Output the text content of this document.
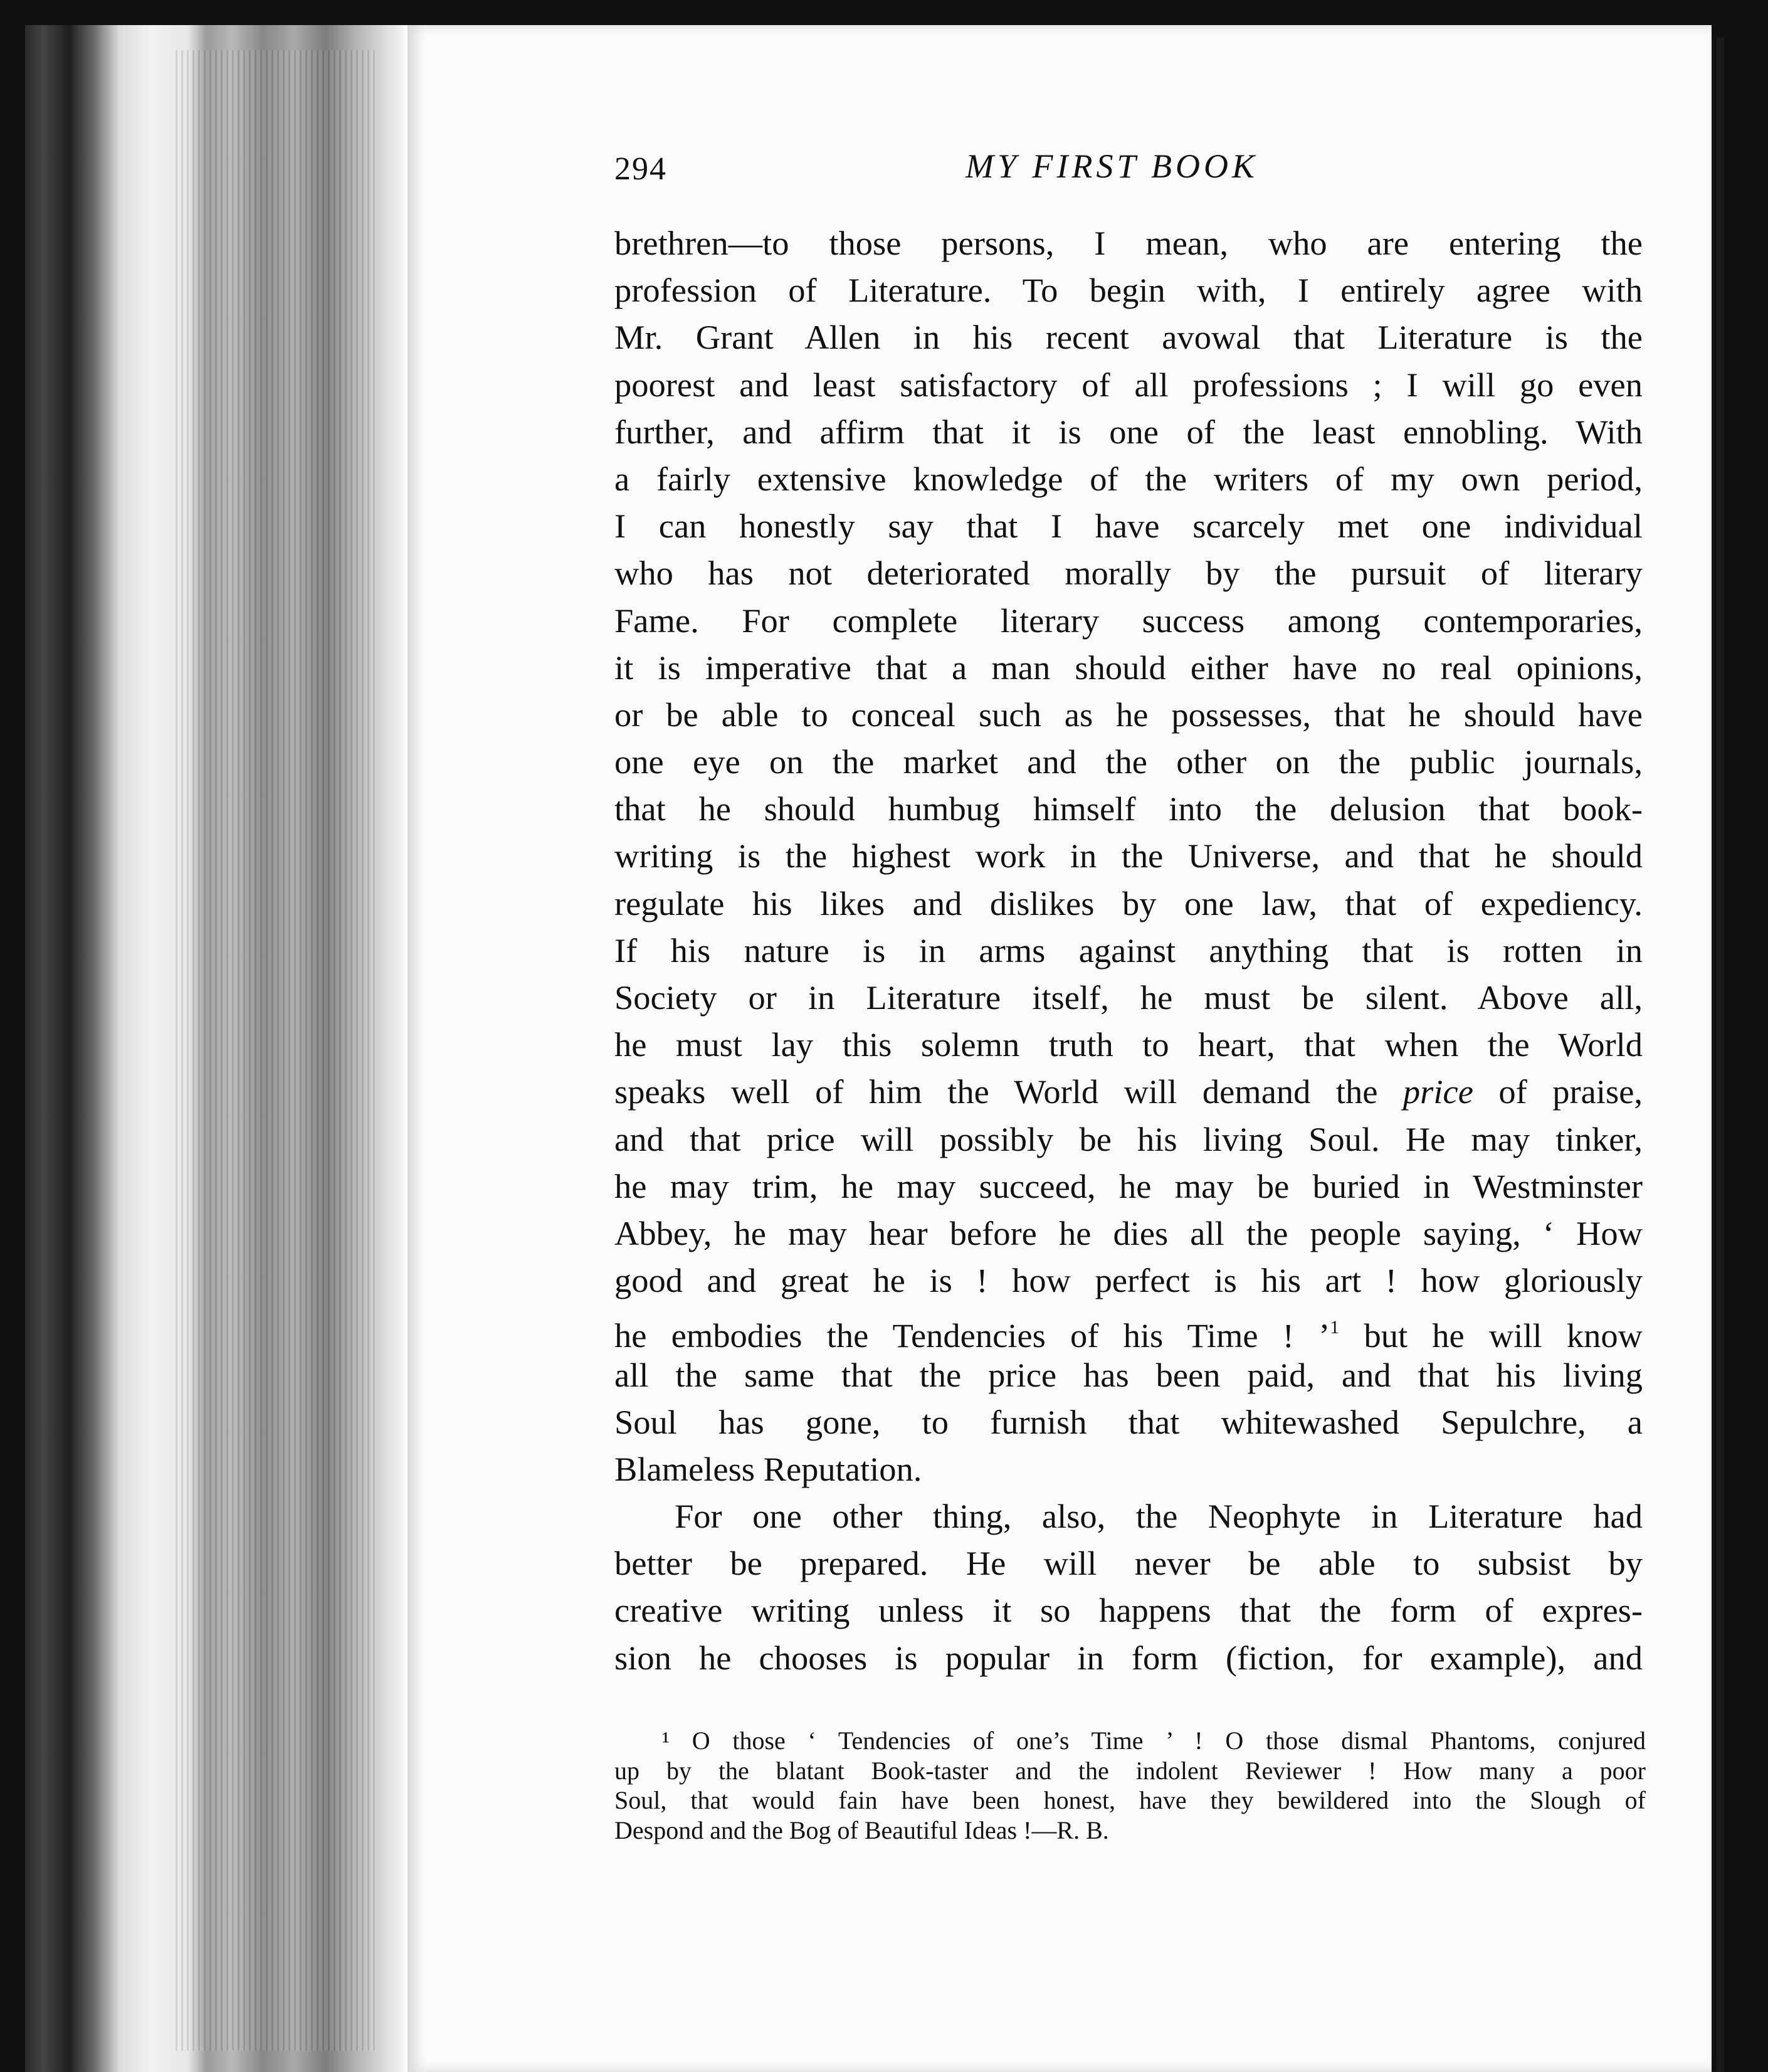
294	MY FIRST BOOK
brethren—to those persons, I mean, who are entering the
profession of Literature. To begin with, I entirely agree with
Mr. Grant Allen in his recent avowal that Literature is the
poorest and least satisfactory of all professions ; I will go even
further, and affirm that it is one of the least ennobling. With
a fairly extensive knowledge of the writers of my own period,
I can honestly say that I have scarcely met one individual
who has not deteriorated morally by the pursuit of literary
Fame. For complete literary success among contemporaries,
it is imperative that a man should either have no real opinions,
or be able to conceal such as he possesses, that he should have
one eye on the market and the other on the public journals,
that he should humbug himself into the delusion that book-
writing is the highest work in the Universe, and that he should
regulate his likes and dislikes by one law, that of expediency.
If his nature is in arms against anything that is rotten in
Society or in Literature itself, he must be silent. Above all,
he must lay this solemn truth to heart, that when the World
speaks well of him the World will demand the price of praise,
and that price will possibly be his living Soul. He may tinker,
he may trim, he may succeed, he may be buried in Westminster
Abbey, he may hear before he dies all the people saying, ‘ How
good and great he is ! how perfect is his art ! how gloriously
he embodies the Tendencies of his Time ! ’$^1$ but he will know
all the same that the price has been paid, and that his living
Soul has gone, to furnish that whitewashed Sepulchre, a
Blameless Reputation.
For one other thing, also, the Neophyte in Literature had
better be prepared. He will never be able to subsist by
creative writing unless it so happens that the form of expres-
sion he chooses is popular in form (fiction, for example), and
¹ O those ‘ Tendencies of one’s Time ’ ! O those dismal Phantoms, conjured
up by the blatant Book-taster and the indolent Reviewer ! How many a poor
Soul, that would fain have been honest, have they bewildered into the Slough of
Despond and the Bog of Beautiful Ideas !—R. B.
